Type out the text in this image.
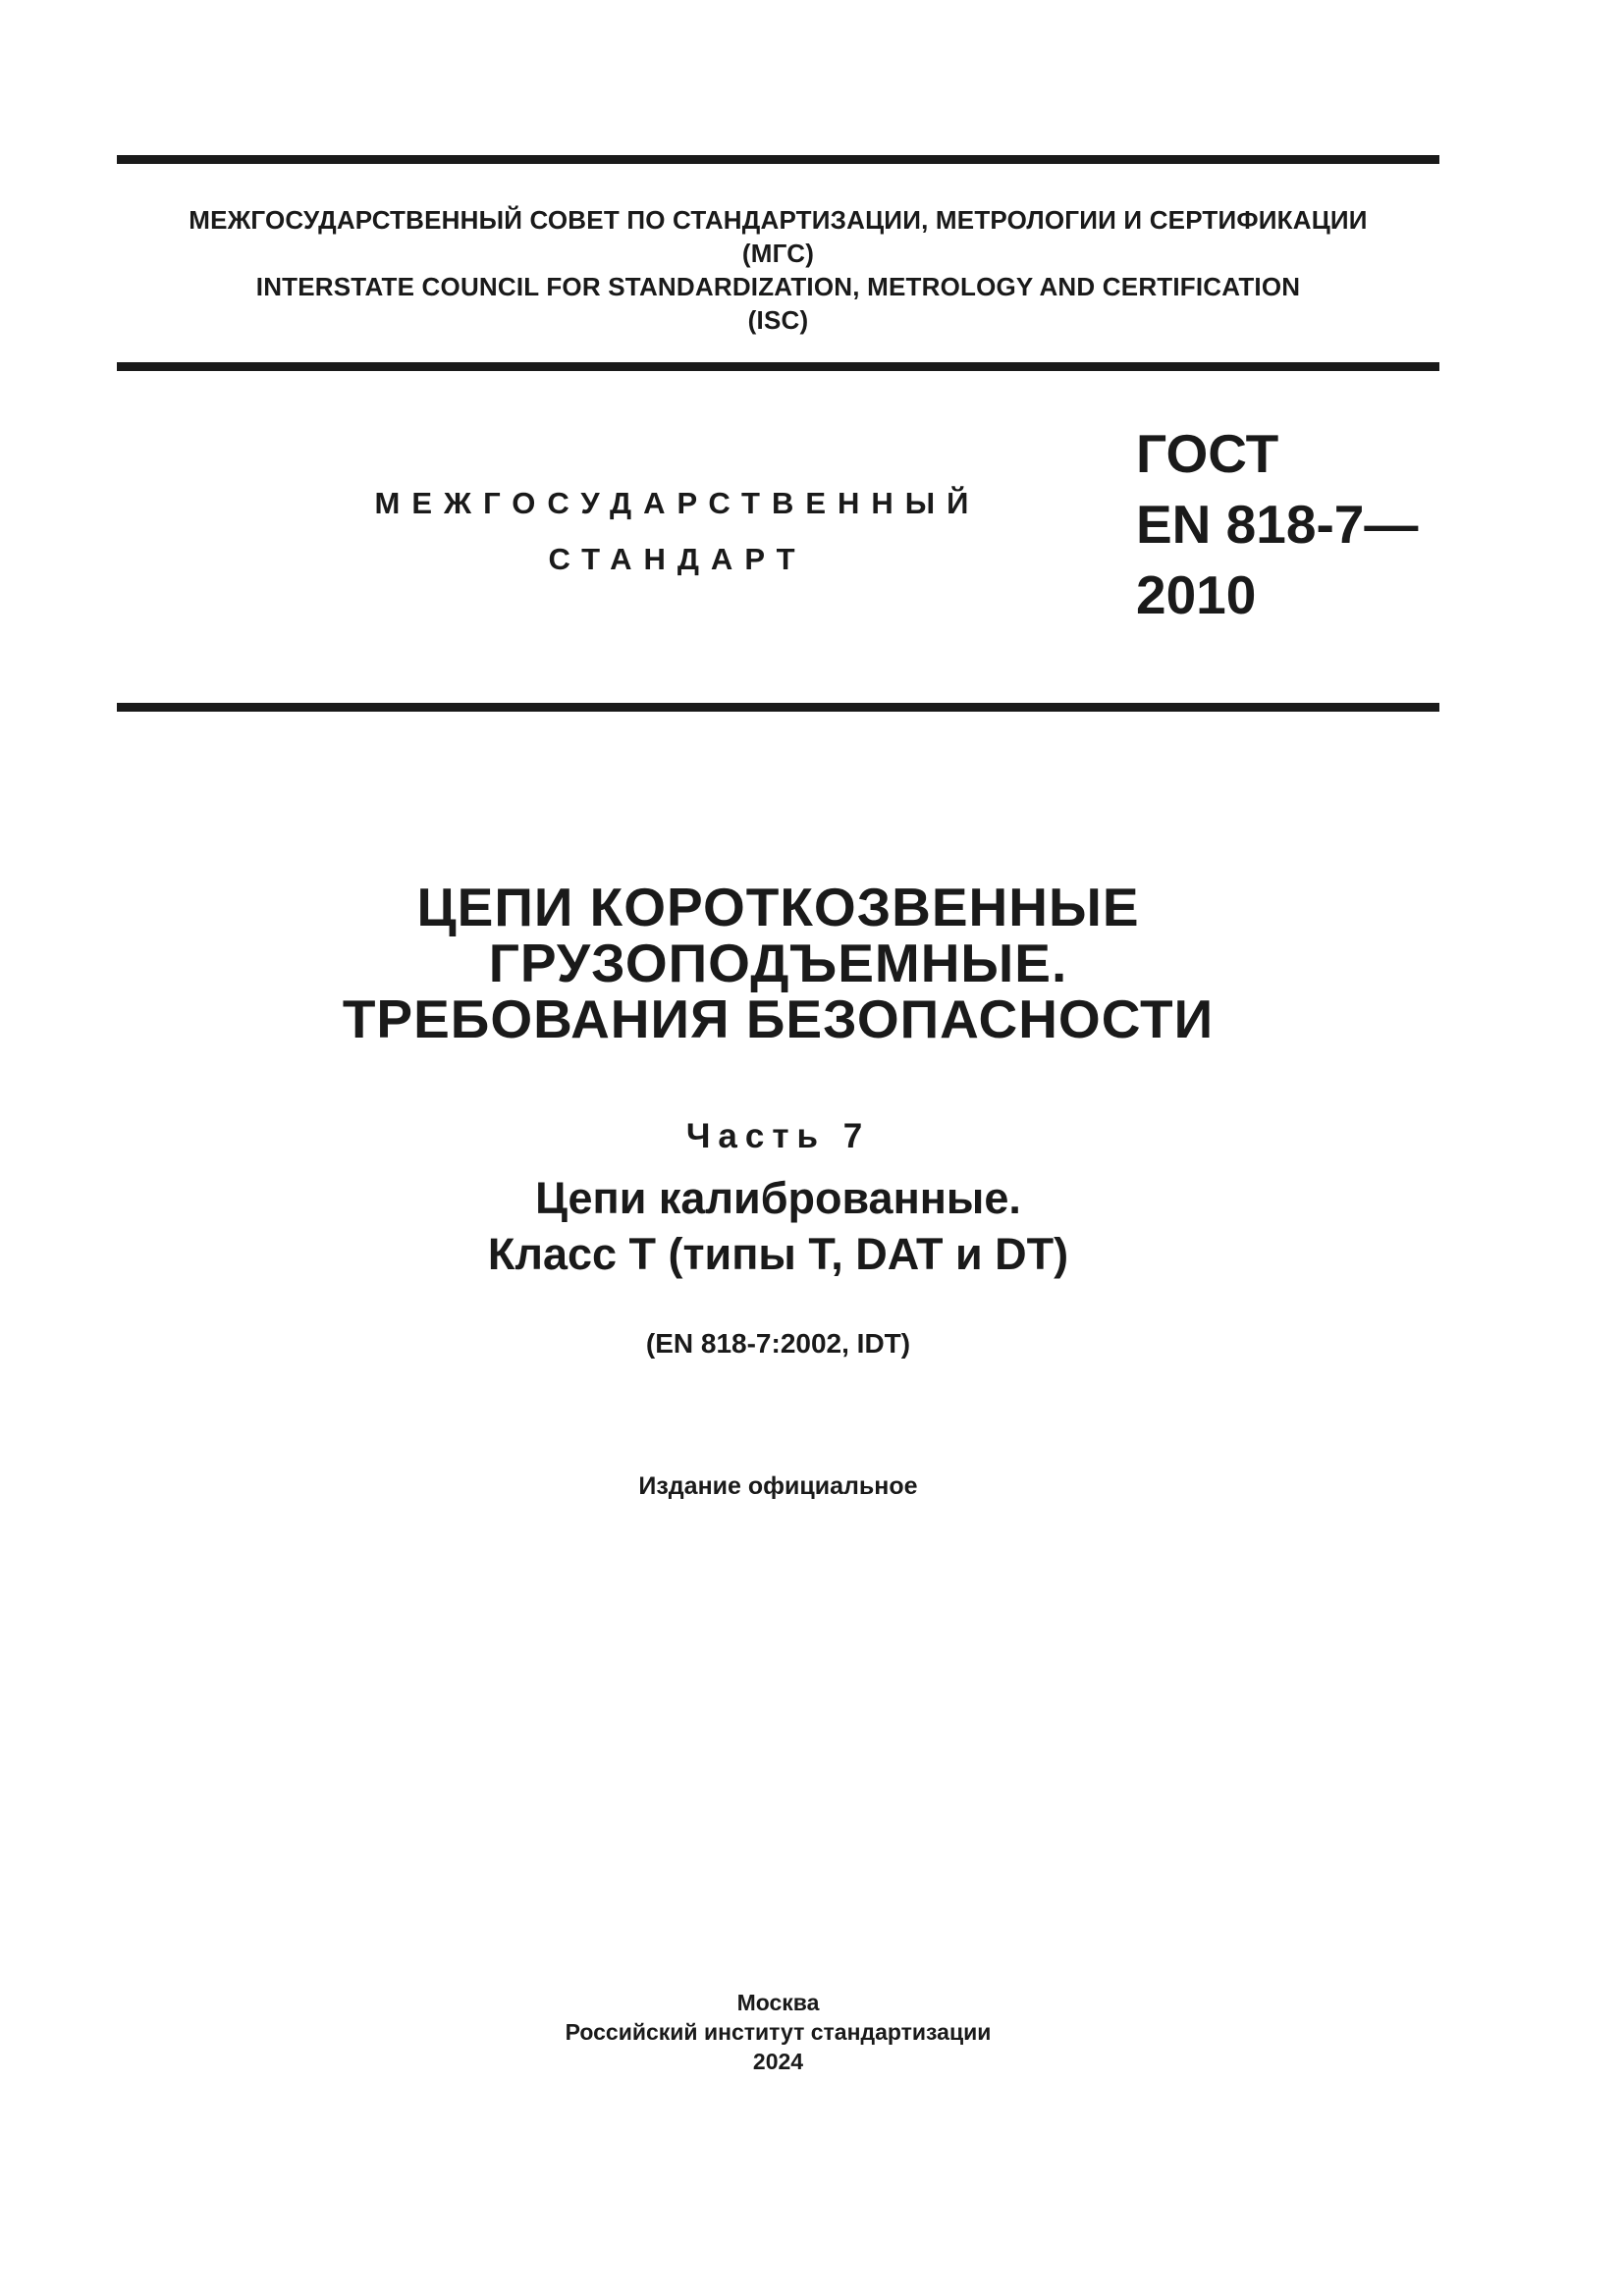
МЕЖГОСУДАРСТВЕННЫЙ СОВЕТ ПО СТАНДАРТИЗАЦИИ, МЕТРОЛОГИИ И СЕРТИФИКАЦИИ
(МГС)
INTERSTATE COUNCIL FOR STANDARDIZATION, METROLOGY AND CERTIFICATION
(ISC)
МЕЖГОСУДАРСТВЕННЫЙ
СТАНДАРТ
ГОСТ
EN 818-7—
2010
ЦЕПИ КОРОТКОЗВЕННЫЕ
ГРУЗОПОДЪЕМНЫЕ.
ТРЕБОВАНИЯ БЕЗОПАСНОСТИ
Часть 7
Цепи калиброванные.
Класс Т (типы Т, DAT и DT)
(EN 818-7:2002, IDT)
Издание официальное
Москва
Российский институт стандартизации
2024
